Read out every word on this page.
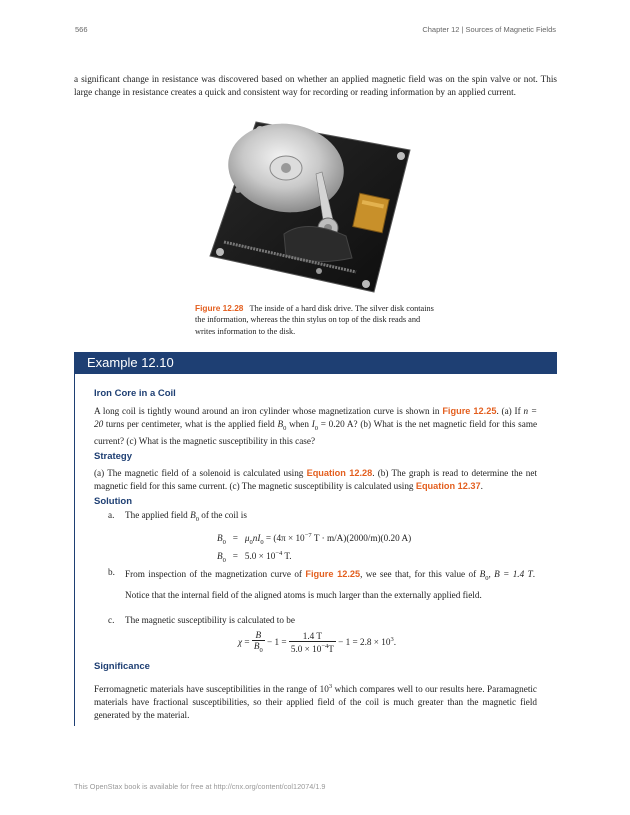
566	Chapter 12 | Sources of Magnetic Fields
a significant change in resistance was discovered based on whether an applied magnetic field was on the spin valve or not. This large change in resistance creates a quick and consistent way for recording or reading information by an applied current.
Figure 12.28 The inside of a hard disk drive. The silver disk contains the information, whereas the thin stylus on top of the disk reads and writes information to the disk.
Example 12.10
Iron Core in a Coil
A long coil is tightly wound around an iron cylinder whose magnetization curve is shown in Figure 12.25. (a) If n = 20 turns per centimeter, what is the applied field $B_0$ when $I_0 = 0.20$ A? (b) What is the net magnetic field for this same current? (c) What is the magnetic susceptibility in this case?
Strategy
(a) The magnetic field of a solenoid is calculated using Equation 12.28. (b) The graph is read to determine the net magnetic field for this same current. (c) The magnetic susceptibility is calculated using Equation 12.37.
Solution
a. The applied field $B_0$ of the coil is
$B_0 = \mu_0nI_0 = (4\pi \times 10^{-7}$ T · m/A)(2000/m)(0.20 A)
$B_0 = 5.0 \times 10^{-4}$ T.
b. From inspection of the magnetization curve of Figure 12.25, we see that, for this value of $B_0$, B = 1.4 T. Notice that the internal field of the aligned atoms is much larger than the externally applied field.
c. The magnetic susceptibility is calculated to be
$\chi = \frac{B}{B_0} - 1 = \frac{1.4 T}{5.0 \times 10^{-4}T} - 1 = 2.8 \times 10^3$.
Significance
Ferromagnetic materials have susceptibilities in the range of $10^3$ which compares well to our results here. Paramagnetic materials have fractional susceptibilities, so their applied field of the coil is much greater than the magnetic field generated by the material.
This OpenStax book is available for free at http://cnx.org/content/col12074/1.9
